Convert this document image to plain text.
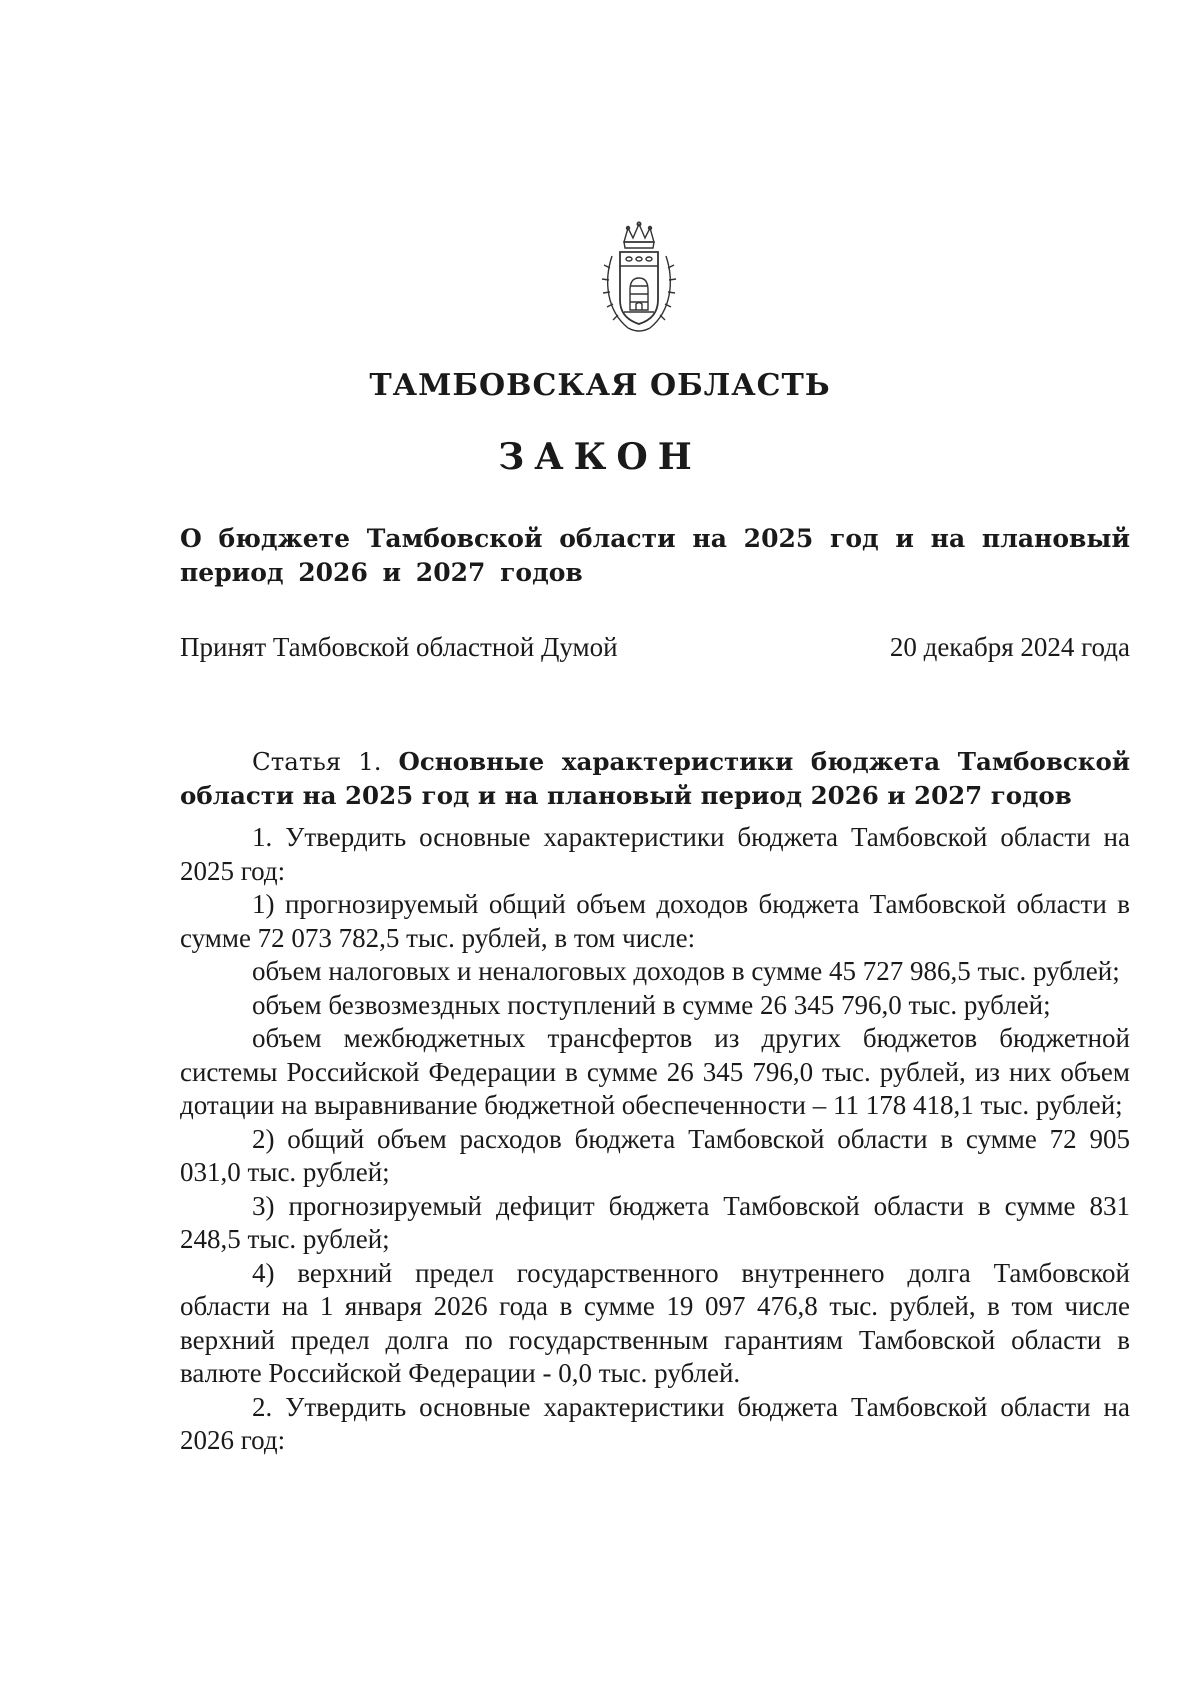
ТАМБОВСКАЯ ОБЛАСТЬ
ЗАКОН
О бюджете Тамбовской области на 2025 год и на плановый период 2026 и 2027 годов
Принят Тамбовской областной Думой	20 декабря 2024 года

Статья 1. Основные характеристики бюджета Тамбовской области на 2025 год и на плановый период 2026 и 2027 годов

1. Утвердить основные характеристики бюджета Тамбовской области на 2025 год:

1) прогнозируемый общий объем доходов бюджета Тамбовской области в сумме 72 073 782,5 тыс. рублей, в том числе:

объем налоговых и неналоговых доходов в сумме 45 727 986,5 тыс. рублей;

объем безвозмездных поступлений в сумме 26 345 796,0 тыс. рублей;

объем межбюджетных трансфертов из других бюджетов бюджетной системы Российской Федерации в сумме 26 345 796,0 тыс. рублей, из них объем дотации на выравнивание бюджетной обеспеченности – 11 178 418,1 тыс. рублей;

2) общий объем расходов бюджета Тамбовской области в сумме 72 905 031,0 тыс. рублей;

3) прогнозируемый дефицит бюджета Тамбовской области в сумме 831 248,5 тыс. рублей;

4) верхний предел государственного внутреннего долга Тамбовской области на 1 января 2026 года в сумме 19 097 476,8 тыс. рублей, в том числе верхний предел долга по государственным гарантиям Тамбовской области в валюте Российской Федерации - 0,0 тыс. рублей.

2. Утвердить основные характеристики бюджета Тамбовской области на 2026 год:
